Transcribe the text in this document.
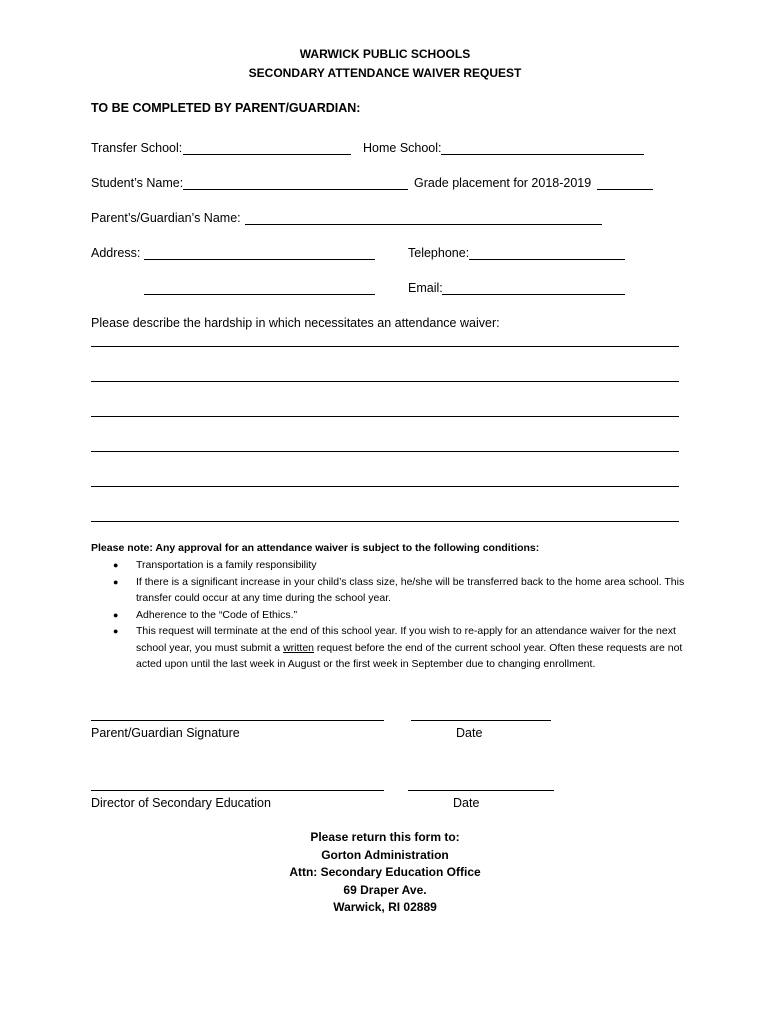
WARWICK PUBLIC SCHOOLS
SECONDARY ATTENDANCE WAIVER REQUEST
TO BE COMPLETED BY PARENT/GUARDIAN:
Transfer School:	Home School:
Student’s Name:	Grade placement for 2018-2019
Parent’s/Guardian’s Name:
Address:	Telephone:
Email:
Please describe the hardship in which necessitates an attendance waiver:
Please note: Any approval for an attendance waiver is subject to the following conditions:
● Transportation is a family responsibility
● If there is a significant increase in your child’s class size, he/she will be transferred back to the home area school. This transfer could occur at any time during the school year.
● Adherence to the “Code of Ethics.”
● This request will terminate at the end of this school year. If you wish to re-apply for an attendance waiver for the next school year, you must submit a written request before the end of the current school year. Often these requests are not acted upon until the last week in August or the first week in September due to changing enrollment.
Parent/Guardian Signature	Date
Director of Secondary Education	Date
Please return this form to:
Gorton Administration
Attn: Secondary Education Office
69 Draper Ave.
Warwick, RI 02889
